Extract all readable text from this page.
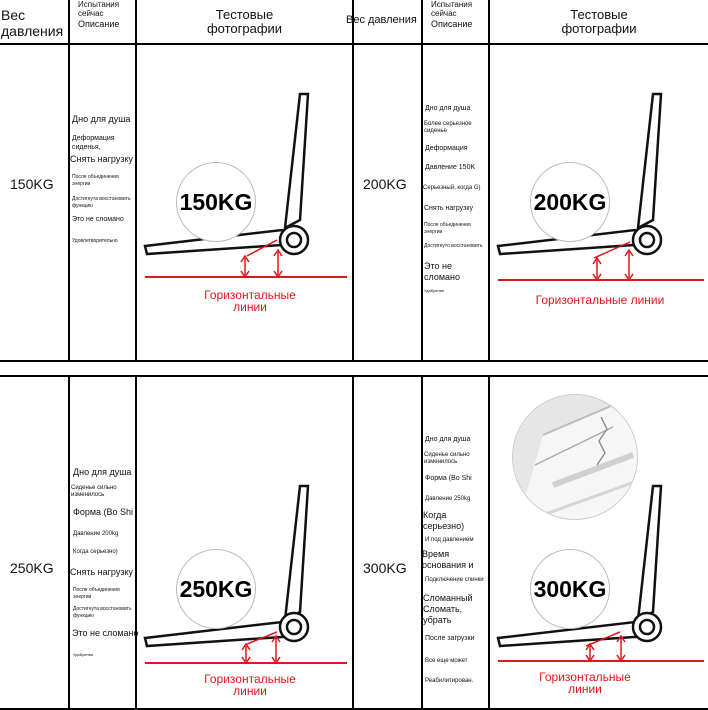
Вес
давления
Испытания
сейчас
Описание
Тестовые
фотографии
Вес давления
Испытания
сейчас
Описание
Тестовые
фотографии
150KG
Дно для душа
Деформация сиденья,
Снять нагрузку
После объединения энергии
Достигнута восстановить функцию
Это не сломано
Удовлетворительно
150KG
Горизонтальные
линии
200KG
Дно для душа
Более серьезное сиденье
Деформация
Давление 150K
Серьезный, когда G)
Снять нагрузку
После объединения энергии
Достигнуто восстановить
Это не сломано
Удобрение
200KG
Горизонтальные линии
250KG
Дно для душа
Сиденье сильно изменилось
Форма (Bo Shi
Давление 200kg
Когда серьезно)
Снять нагрузку
После объединения энергии
Достигнута восстановить функцию
Это не сломано
Удобрения
250KG
Горизонтальные
линии
300KG
Дно для душа
Сиденье сильно изменилось
Форма (Bo Shi
Давление 250kg
Когда серьезно)
И под давлением
Время основания и
Подключение спинки
Сломанный Сломать, убрать
После загрузки
Все еще может
Реабилитирован.
300KG
Горизонтальные
линии
